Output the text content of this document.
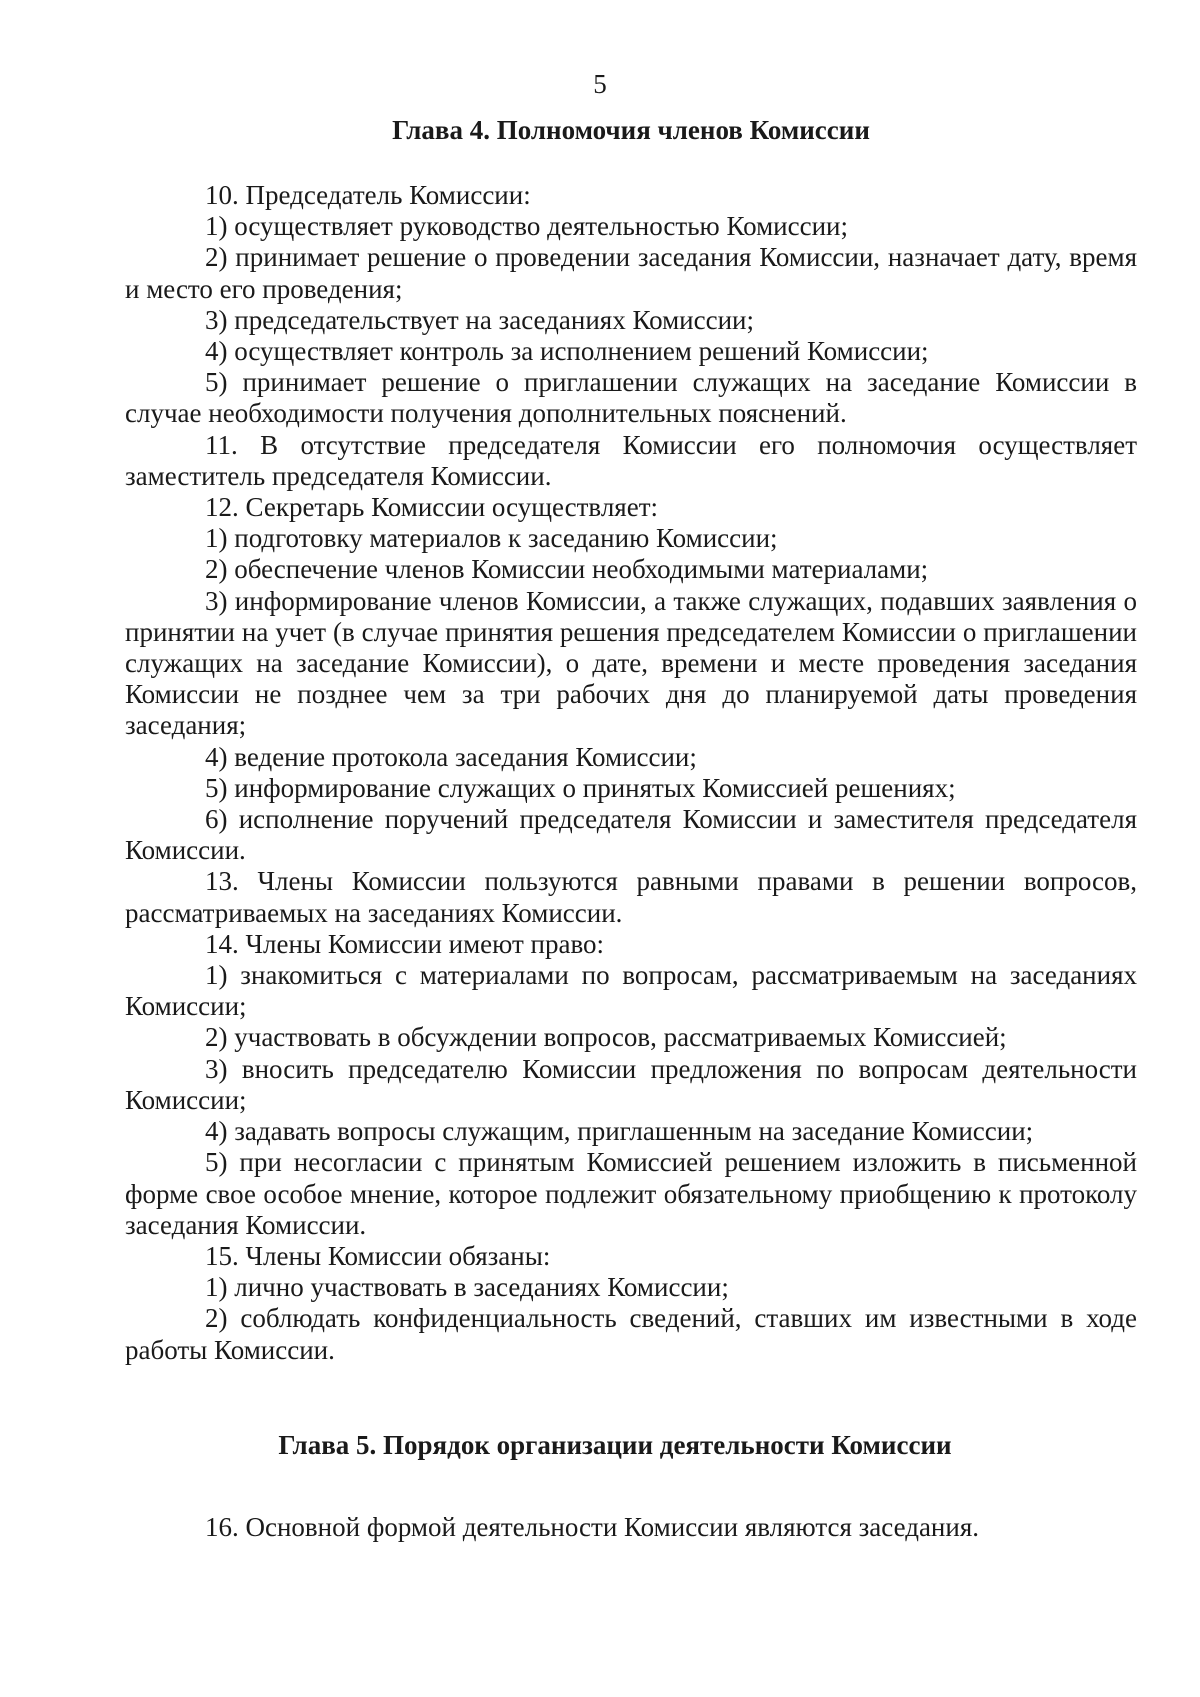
5
Глава 4. Полномочия членов Комиссии

10. Председатель Комиссии:

1) осуществляет руководство деятельностью Комиссии;

2) принимает решение о проведении заседания Комиссии, назначает дату, время и место его проведения;

3) председательствует на заседаниях Комиссии;

4) осуществляет контроль за исполнением решений Комиссии;

5) принимает решение о приглашении служащих на заседание Комиссии в случае необходимости получения дополнительных пояснений.

11. В отсутствие председателя Комиссии его полномочия осуществляет заместитель председателя Комиссии.

12. Секретарь Комиссии осуществляет:

1) подготовку материалов к заседанию Комиссии;

2) обеспечение членов Комиссии необходимыми материалами;

3) информирование членов Комиссии, а также служащих, подавших заявления о принятии на учет (в случае принятия решения председателем Комиссии о приглашении служащих на заседание Комиссии), о дате, времени и месте проведения заседания Комиссии не позднее чем за три рабочих дня до планируемой даты проведения заседания;

4) ведение протокола заседания Комиссии;

5) информирование служащих о принятых Комиссией решениях;

6) исполнение поручений председателя Комиссии и заместителя председателя Комиссии.

13. Члены Комиссии пользуются равными правами в решении вопросов, рассматриваемых на заседаниях Комиссии.

14. Члены Комиссии имеют право:

1) знакомиться с материалами по вопросам, рассматриваемым на заседаниях Комиссии;

2) участвовать в обсуждении вопросов, рассматриваемых Комиссией;

3) вносить председателю Комиссии предложения по вопросам деятельности Комиссии;

4) задавать вопросы служащим, приглашенным на заседание Комиссии;

5) при несогласии с принятым Комиссией решением изложить в письменной форме свое особое мнение, которое подлежит обязательному приобщению к протоколу заседания Комиссии.

15. Члены Комиссии обязаны:

1) лично участвовать в заседаниях Комиссии;

2) соблюдать конфиденциальность сведений, ставших им известными в ходе работы Комиссии.

Глава 5. Порядок организации деятельности Комиссии

16. Основной формой деятельности Комиссии являются заседания.
